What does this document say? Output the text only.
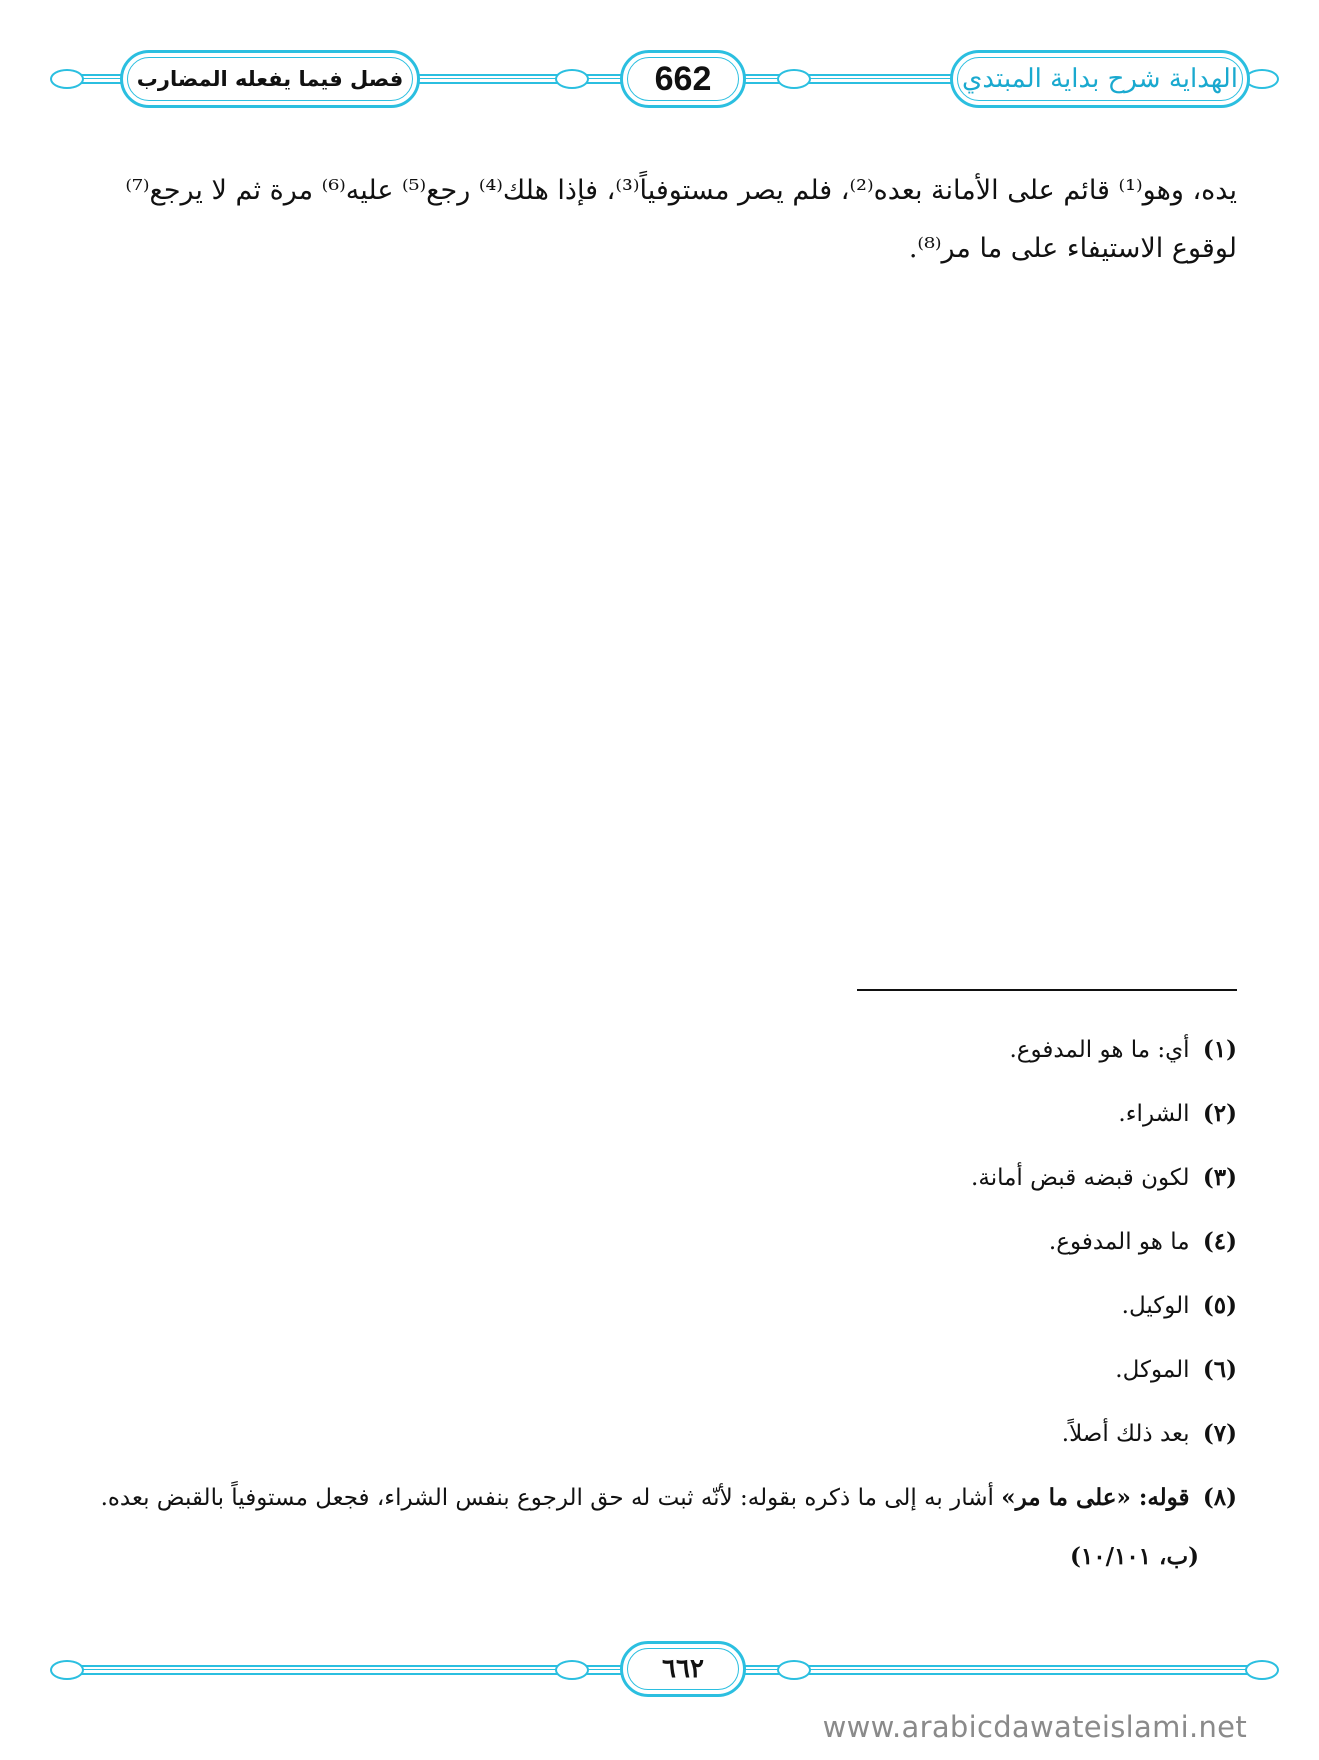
الهداية شرح بداية المبتدي
662
فصل فيما يفعله المضارب

يده، وهو⁽¹⁾ قائم على الأمانة بعده⁽²⁾، فلم يصر مستوفياً⁽³⁾، فإذا هلك⁽⁴⁾ رجع⁽⁵⁾ عليه⁽⁶⁾ مرة ثم لا يرجع⁽⁷⁾

لوقوع الاستيفاء على ما مر⁽⁸⁾.

(١) أي: ما هو المدفوع.

(٢) الشراء.

(٣) لكون قبضه قبض أمانة.

(٤) ما هو المدفوع.

(٥) الوكيل.

(٦) الموكل.

(٧) بعد ذلك أصلاً.

(٨) قوله: «على ما مر» أشار به إلى ما ذكره بقوله: لأنّه ثبت له حق الرجوع بنفس الشراء، فجعل مستوفياً بالقبض بعده.

(ب، ١٠/١٠١)

٦٦٢
www.arabicdawateislami.net
